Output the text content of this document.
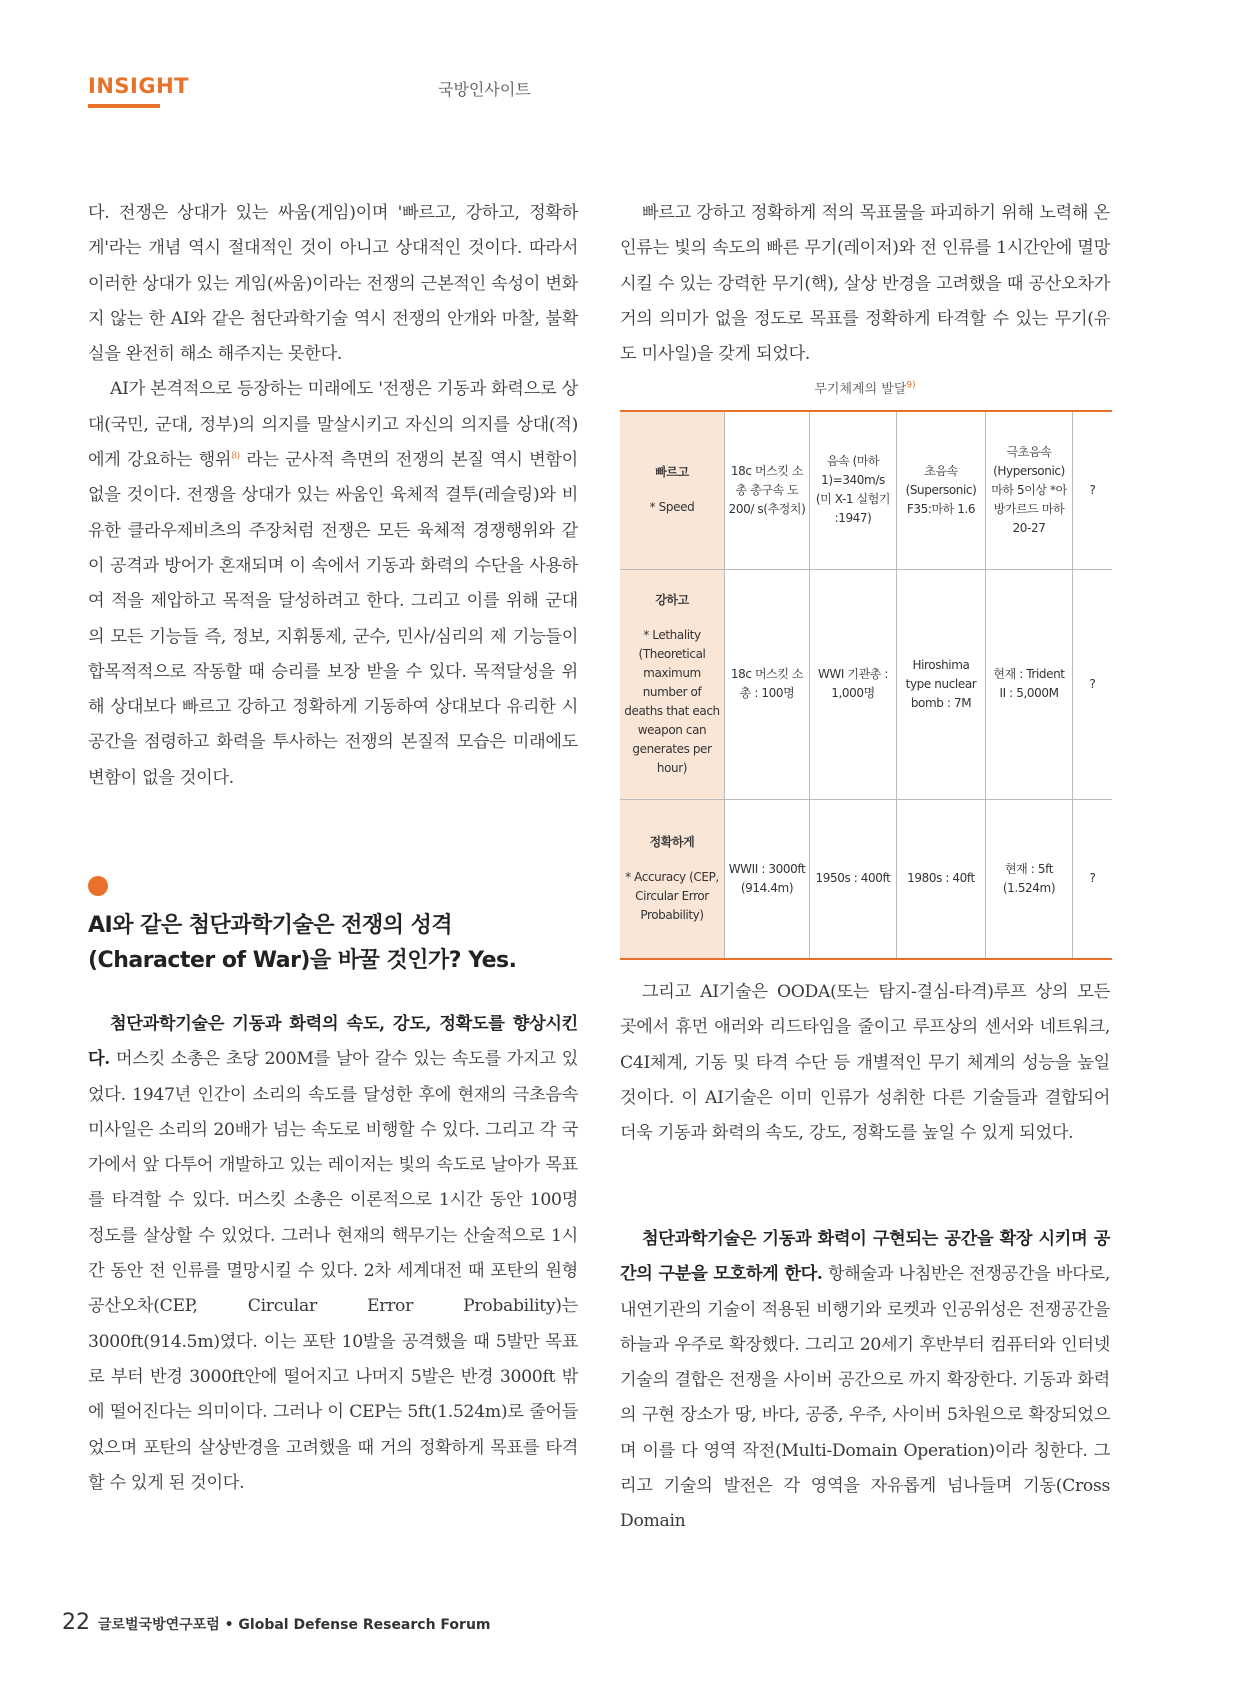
INSIGHT	국방인사이트

다. 전쟁은 상대가 있는 싸움(게임)이며 '빠르고, 강하고, 정확하게'라는 개념 역시 절대적인 것이 아니고 상대적인 것이다. 따라서 이러한 상대가 있는 게임(싸움)이라는 전쟁의 근본적인 속성이 변화지 않는 한 AI와 같은 첨단과학기술 역시 전쟁의 안개와 마찰, 불확실을 완전히 해소 해주지는 못한다.

AI가 본격적으로 등장하는 미래에도 '전쟁은 기동과 화력으로 상대(국민, 군대, 정부)의 의지를 말살시키고 자신의 의지를 상대(적)에게 강요하는 행위$^{8)}$ 라는 군사적 측면의 전쟁의 본질 역시 변함이 없을 것이다. 전쟁을 상대가 있는 싸움인 육체적 결투(레슬링)와 비유한 클라우제비츠의 주장처럼 전쟁은 모든 육체적 경쟁행위와 같이 공격과 방어가 혼재되며 이 속에서 기동과 화력의 수단을 사용하여 적을 제압하고 목적을 달성하려고 한다. 그리고 이를 위해 군대의 모든 기능들 즉, 정보, 지휘통제, 군수, 민사/심리의 제 기능들이 합목적적으로 작동할 때 승리를 보장 받을 수 있다. 목적달성을 위해 상대보다 빠르고 강하고 정확하게 기동하여 상대보다 유리한 시공간을 점령하고 화력을 투사하는 전쟁의 본질적 모습은 미래에도 변함이 없을 것이다.

AI와 같은 첨단과학기술은 전쟁의 성격

(Character of War)을 바꿀 것인가? Yes.

첨단과학기술은 기동과 화력의 속도, 강도, 정확도를 향상시킨다. 머스킷 소총은 초당 200M를 날아 갈수 있는 속도를 가지고 있었다. 1947년 인간이 소리의 속도를 달성한 후에 현재의 극초음속 미사일은 소리의 20배가 넘는 속도로 비행할 수 있다. 그리고 각 국가에서 앞 다투어 개발하고 있는 레이저는 빛의 속도로 날아가 목표를 타격할 수 있다. 머스킷 소총은 이론적으로 1시간 동안 100명 정도를 살상할 수 있었다. 그러나 현재의 핵무기는 산술적으로 1시간 동안 전 인류를 멸망시킬 수 있다. 2차 세계대전 때 포탄의 원형공산오차(CEP, Circular Error Probability)는 3000ft(914.5m)였다. 이는 포탄 10발을 공격했을 때 5발만 목표로 부터 반경 3000ft안에 떨어지고 나머지 5발은 반경 3000ft 밖에 떨어진다는 의미이다. 그러나 이 CEP는 5ft(1.524m)로 줄어들었으며 포탄의 살상반경을 고려했을 때 거의 정확하게 목표를 타격할 수 있게 된 것이다.

빠르고 강하고 정확하게 적의 목표물을 파괴하기 위해 노력해 온 인류는 빛의 속도의 빠른 무기(레이저)와 전 인류를 1시간안에 멸망시킬 수 있는 강력한 무기(핵), 살상 반경을 고려했을 때 공산오차가 거의 의미가 없을 정도로 목표를 정확하게 타격할 수 있는 무기(유도 미사일)을 갖게 되었다.

무기체계의 발달$^{9)}$
빠르고
* Speed	18c 머스킷 소총 총구속 도 200/ s(추정치)	음속 (마하 1)=340m/s (미 X-1 실험기 :1947)	초음속 (Supersonic) F35:마하 1.6	극초음속 (Hypersonic) 마하 5이상 *아방가르드 마하 20-27	?

강하고
* Lethality (Theoretical maximum number of deaths that each weapon can generates per hour)	18c 머스킷 소총 : 100명	WWI 기관총 : 1,000명	Hiroshima type nuclear bomb : 7M	현재 : Trident II : 5,000M	?

정확하게
* Accuracy (CEP, Circular Error Probability)	WWII : 3000ft (914.4m)	1950s : 400ft	1980s : 40ft	현재 : 5ft (1.524m)	?

그리고 AI기술은 OODA(또는 탐지-결심-타격)루프 상의 모든 곳에서 휴먼 애러와 리드타임을 줄이고 루프상의 센서와 네트워크, C4I체계, 기동 및 타격 수단 등 개별적인 무기 체계의 성능을 높일 것이다. 이 AI기술은 이미 인류가 성취한 다른 기술들과 결합되어 더욱 기동과 화력의 속도, 강도, 정확도를 높일 수 있게 되었다.

첨단과학기술은 기동과 화력이 구현되는 공간을 확장 시키며 공간의 구분을 모호하게 한다. 항해술과 나침반은 전쟁공간을 바다로, 내연기관의 기술이 적용된 비행기와 로켓과 인공위성은 전쟁공간을 하늘과 우주로 확장했다. 그리고 20세기 후반부터 컴퓨터와 인터넷기술의 결합은 전쟁을 사이버 공간으로 까지 확장한다. 기동과 화력의 구현 장소가 땅, 바다, 공중, 우주, 사이버 5차원으로 확장되었으며 이를 다 영역 작전(Multi-Domain Operation)이라 칭한다. 그리고 기술의 발전은 각 영역을 자유롭게 넘나들며 기동(Cross Domain

22 글로벌국방연구포럼 • Global Defense Research Forum
